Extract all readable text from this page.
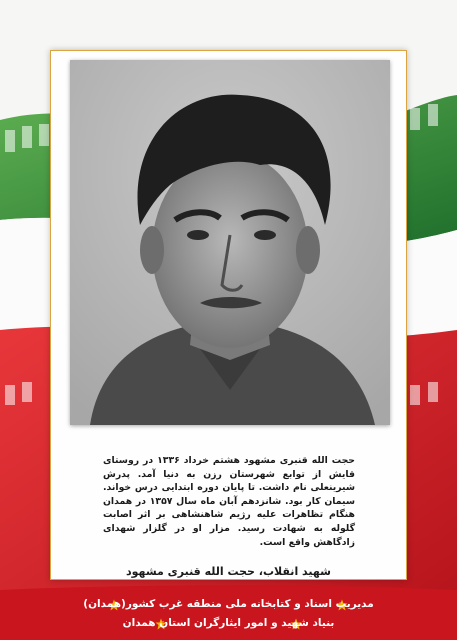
حجت الله قنبری مشهود هشتم خرداد ۱۳۳۶ در روستای قایش از توابع شهرستان رزن به دنیا آمد. پدرش شیرینعلی نام داشت. تا پایان دوره ابتدایی درس خواند. سیمان کار بود. شانزدهم آبان ماه سال ۱۳۵۷ در همدان هنگام تظاهرات علیه رژیم شاهنشاهی بر اثر اصابت گلوله به شهادت رسید. مزار او در گلزار شهدای زادگاهش واقع است.

شهید انقلاب، حجت الله قنبری مشهود

مدیریت اسناد و کتابخانه ملی منطقه غرب کشور(همدان)

بنیاد شهید و امور ایثارگران استان همدان
